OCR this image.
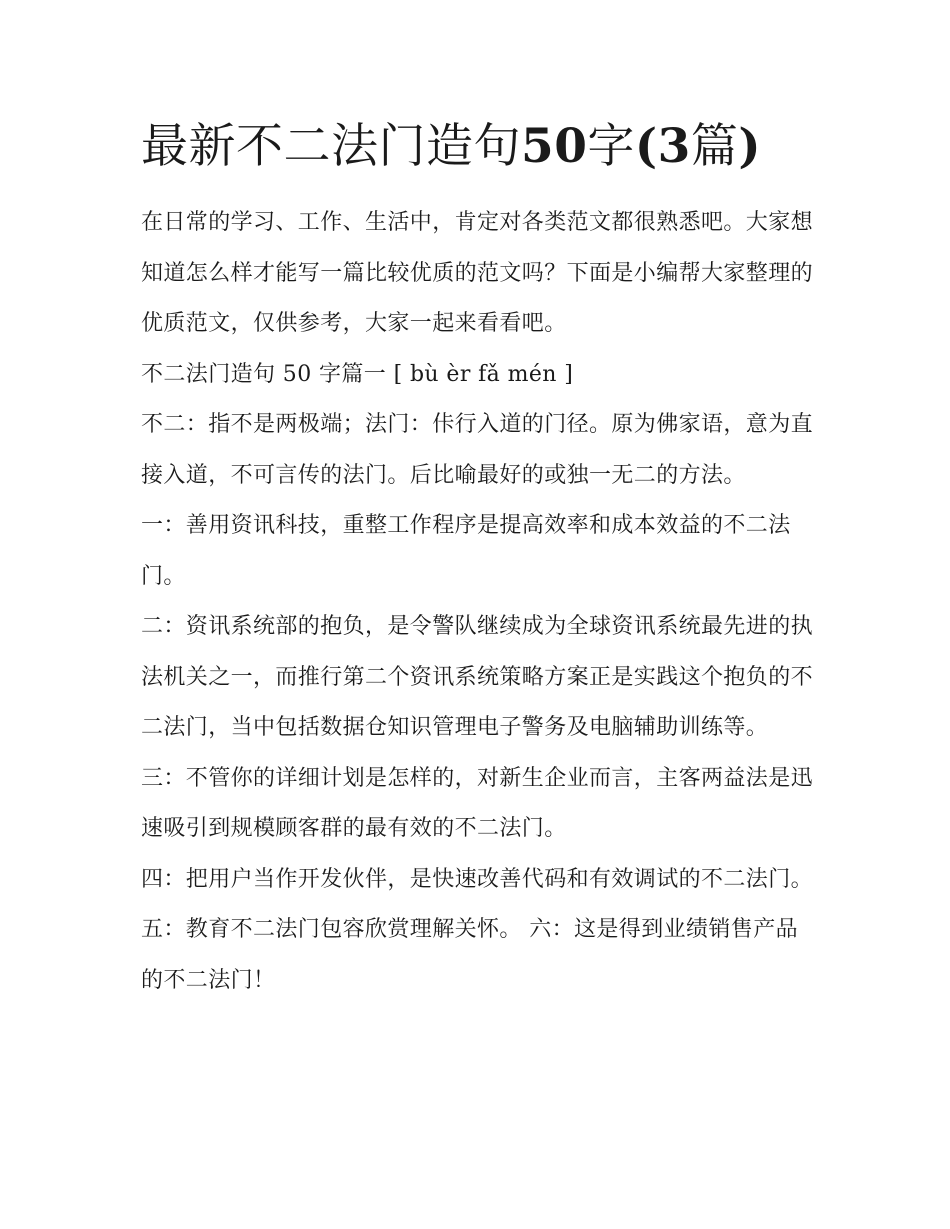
最新不二法门造句50字(3篇)

在日常的学习、工作、生活中，肯定对各类范文都很熟悉吧。大家想知道怎么样才能写一篇比较优质的范文吗？下面是小编帮大家整理的优质范文，仅供参考，大家一起来看看吧。

不二法门造句 50 字篇一 [ bù èr fǎ mén ]

不二：指不是两极端；法门：佧行入道的门径。原为佛家语，意为直接入道，不可言传的法门。后比喻最好的或独一无二的方法。

一：善用资讯科技，重整工作程序是提高效率和成本效益的不二法门。

二：资讯系统部的抱负，是令警队继续成为全球资讯系统最先进的执法机关之一，而推行第二个资讯系统策略方案正是实践这个抱负的不二法门，当中包括数据仓知识管理电子警务及电脑辅助训练等。

三：不管你的详细计划是怎样的，对新生企业而言，主客两益法是迅速吸引到规模顾客群的最有效的不二法门。

四：把用户当作开发伙伴，是快速改善代码和有效调试的不二法门。 五：教育不二法门包容欣赏理解关怀。 六：这是得到业绩销售产品的不二法门！
